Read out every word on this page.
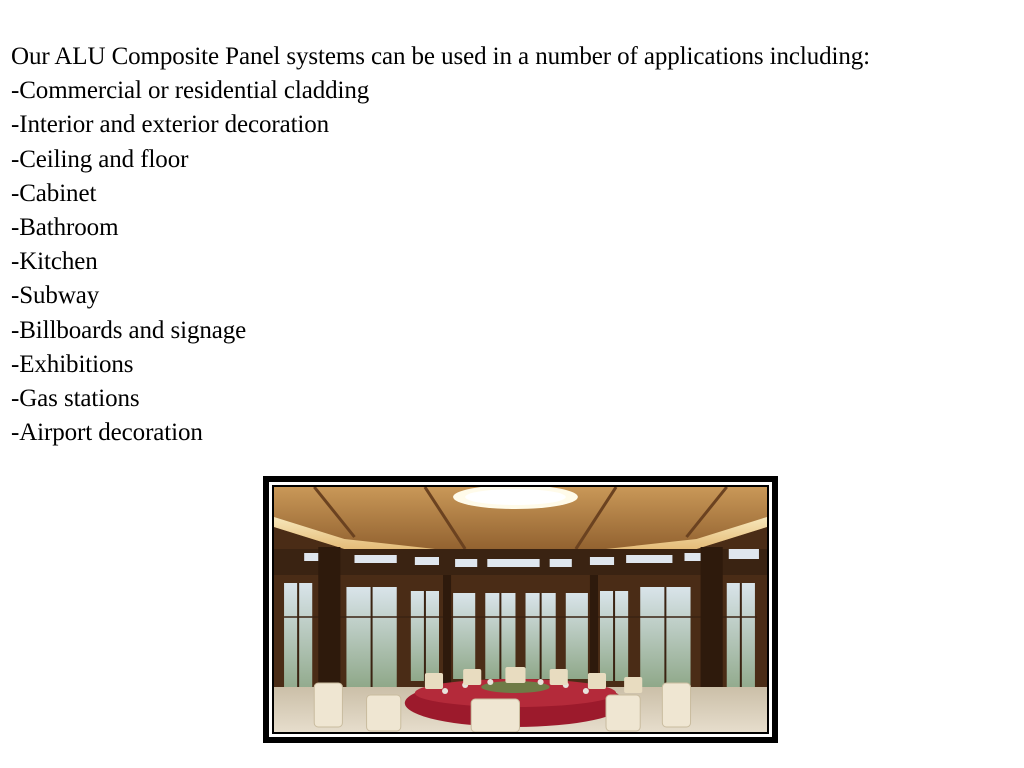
Our ALU Composite Panel systems can be used in a number of applications including:
-Commercial or residential cladding
-Interior and exterior decoration
-Ceiling and floor
-Cabinet
-Bathroom
-Kitchen
-Subway
-Billboards and signage
-Exhibitions
-Gas stations
-Airport decoration
